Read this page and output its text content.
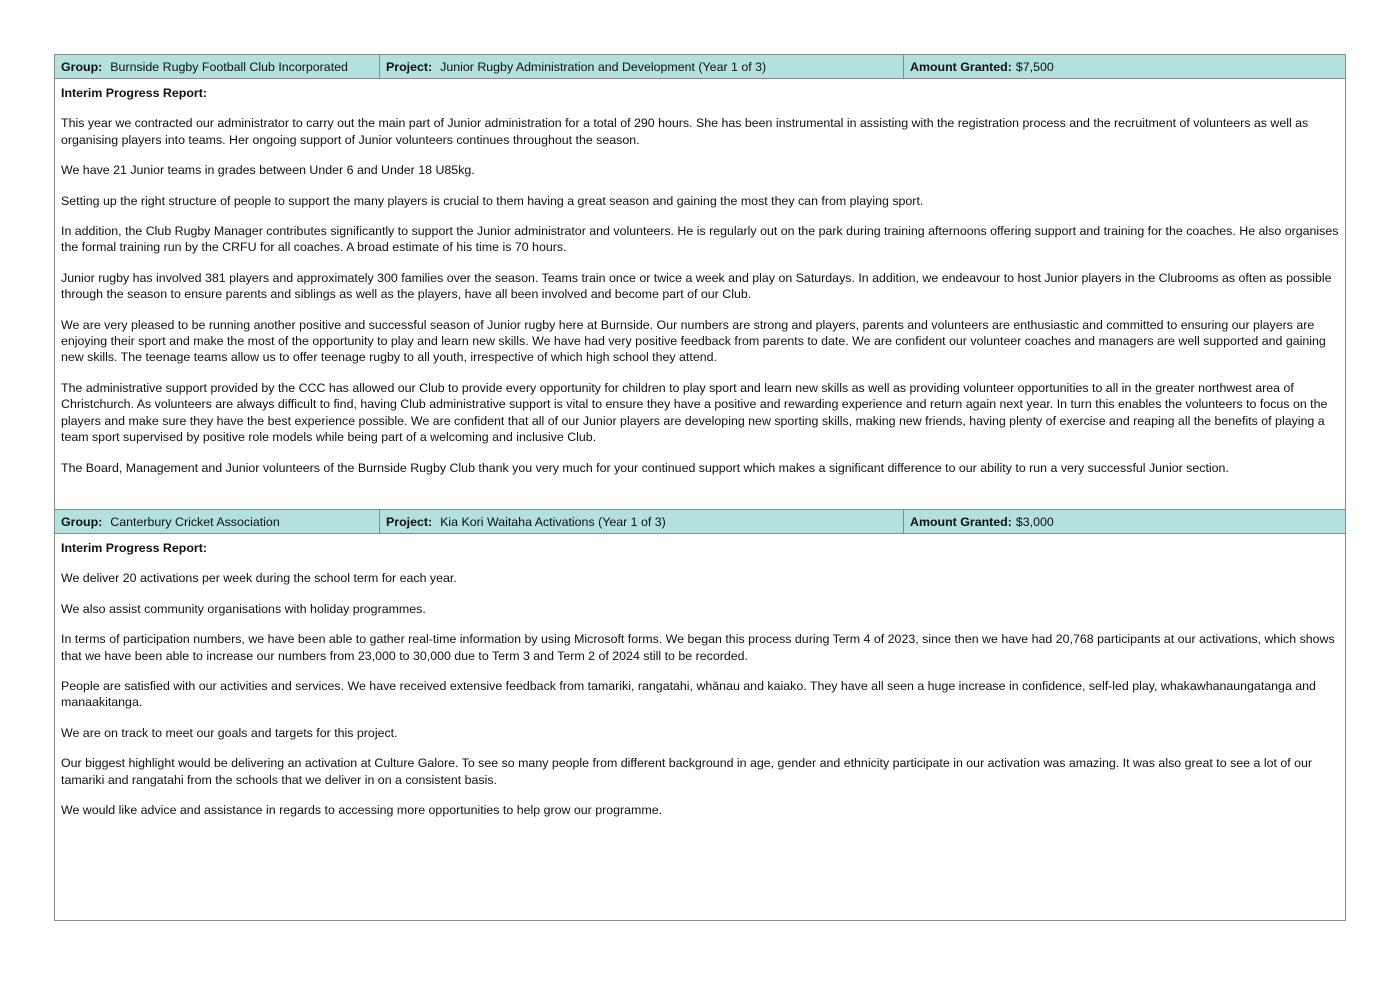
Group: Burnside Rugby Football Club Incorporated	Project: Junior Rugby Administration and Development (Year 1 of 3)	Amount Granted: $7,500
Interim Progress Report:

This year we contracted our administrator to carry out the main part of Junior administration for a total of 290 hours. She has been instrumental in assisting with the registration process and the recruitment of volunteers as well as organising players into teams. Her ongoing support of Junior volunteers continues throughout the season.

We have 21 Junior teams in grades between Under 6 and Under 18 U85kg.

Setting up the right structure of people to support the many players is crucial to them having a great season and gaining the most they can from playing sport.

In addition, the Club Rugby Manager contributes significantly to support the Junior administrator and volunteers. He is regularly out on the park during training afternoons offering support and training for the coaches. He also organises the formal training run by the CRFU for all coaches. A broad estimate of his time is 70 hours.

Junior rugby has involved 381 players and approximately 300 families over the season. Teams train once or twice a week and play on Saturdays. In addition, we endeavour to host Junior players in the Clubrooms as often as possible through the season to ensure parents and siblings as well as the players, have all been involved and become part of our Club.

We are very pleased to be running another positive and successful season of Junior rugby here at Burnside. Our numbers are strong and players, parents and volunteers are enthusiastic and committed to ensuring our players are enjoying their sport and make the most of the opportunity to play and learn new skills. We have had very positive feedback from parents to date. We are confident our volunteer coaches and managers are well supported and gaining new skills. The teenage teams allow us to offer teenage rugby to all youth, irrespective of which high school they attend.

The administrative support provided by the CCC has allowed our Club to provide every opportunity for children to play sport and learn new skills as well as providing volunteer opportunities to all in the greater northwest area of Christchurch. As volunteers are always difficult to find, having Club administrative support is vital to ensure they have a positive and rewarding experience and return again next year. In turn this enables the volunteers to focus on the players and make sure they have the best experience possible. We are confident that all of our Junior players are developing new sporting skills, making new friends, having plenty of exercise and reaping all the benefits of playing a team sport supervised by positive role models while being part of a welcoming and inclusive Club.

The Board, Management and Junior volunteers of the Burnside Rugby Club thank you very much for your continued support which makes a significant difference to our ability to run a very successful Junior section.

Group: Canterbury Cricket Association	Project: Kia Kori Waitaha Activations (Year 1 of 3)	Amount Granted: $3,000
Interim Progress Report:

We deliver 20 activations per week during the school term for each year.

We also assist community organisations with holiday programmes.

In terms of participation numbers, we have been able to gather real-time information by using Microsoft forms. We began this process during Term 4 of 2023, since then we have had 20,768 participants at our activations, which shows that we have been able to increase our numbers from 23,000 to 30,000 due to Term 3 and Term 2 of 2024 still to be recorded.

People are satisfied with our activities and services. We have received extensive feedback from tamariki, rangatahi, whānau and kaiako. They have all seen a huge increase in confidence, self-led play, whakawhanaungatanga and manaakitanga.

We are on track to meet our goals and targets for this project.

Our biggest highlight would be delivering an activation at Culture Galore. To see so many people from different background in age, gender and ethnicity participate in our activation was amazing. It was also great to see a lot of our tamariki and rangatahi from the schools that we deliver in on a consistent basis.

We would like advice and assistance in regards to accessing more opportunities to help grow our programme.
